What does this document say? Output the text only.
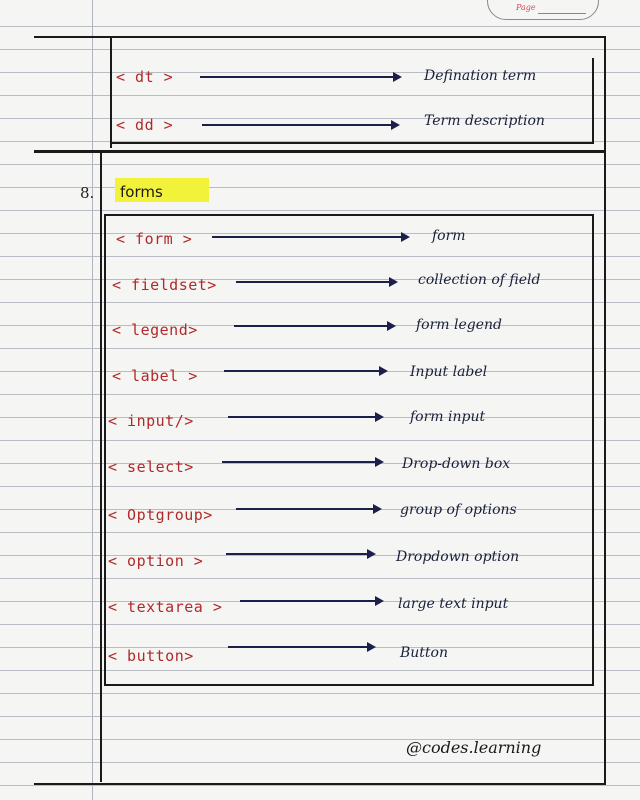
Page
< dt >	Defination term
< dd >	Term description
8. forms
< form >	form
< fieldset>	collection of field
< legend>	form legend
< label >	Input label
< input/>	form input
< select>	Drop-down box
< Optgroup>	group of options
< option >	Dropdown option
< textarea >	large text input
< button>	Button
@codes.learning
